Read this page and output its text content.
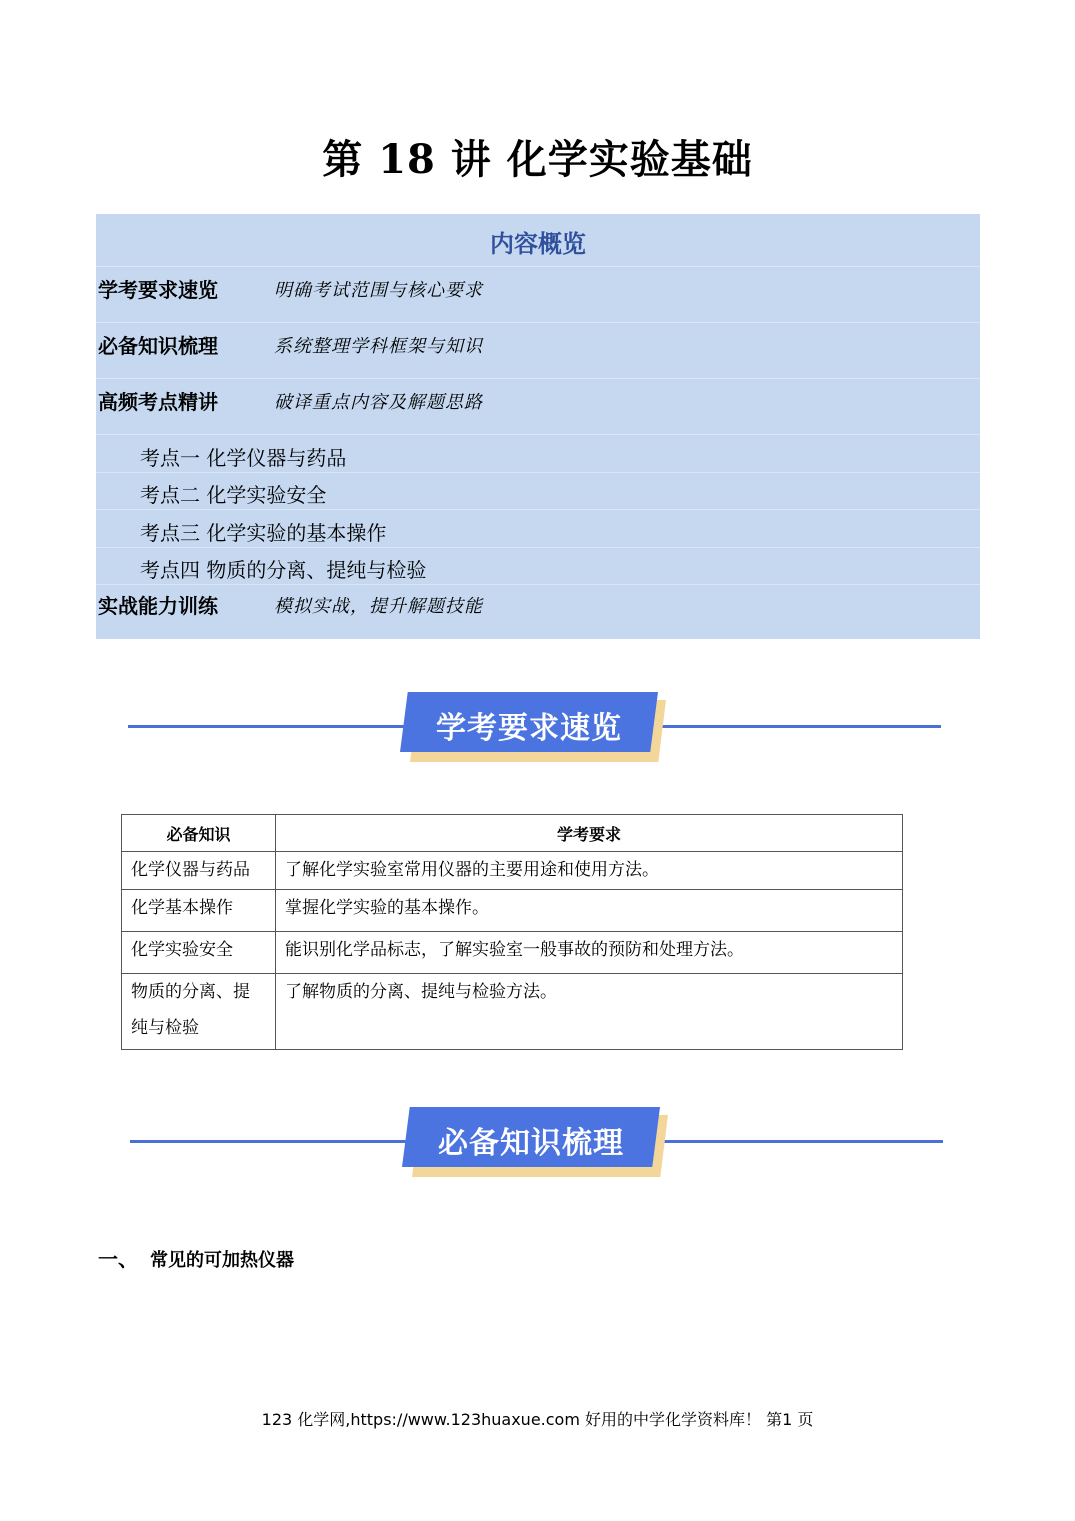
第 18 讲 化学实验基础
内容概览
学考要求速览	明确考试范围与核心要求
必备知识梳理	系统整理学科框架与知识
高频考点精讲	破译重点内容及解题思路
考点一 化学仪器与药品
考点二 化学实验安全
考点三 化学实验的基本操作
考点四 物质的分离、提纯与检验
实战能力训练	模拟实战，提升解题技能
学考要求速览
必备知识	学考要求
化学仪器与药品	了解化学实验室常用仪器的主要用途和使用方法。
化学基本操作	掌握化学实验的基本操作。
化学实验安全	能识别化学品标志，了解实验室一般事故的预防和处理方法。
物质的分离、提纯与检验	了解物质的分离、提纯与检验方法。
必备知识梳理
一、 常见的可加热仪器
123 化学网,https://www.123huaxue.com 好用的中学化学资料库！ 第1 页
